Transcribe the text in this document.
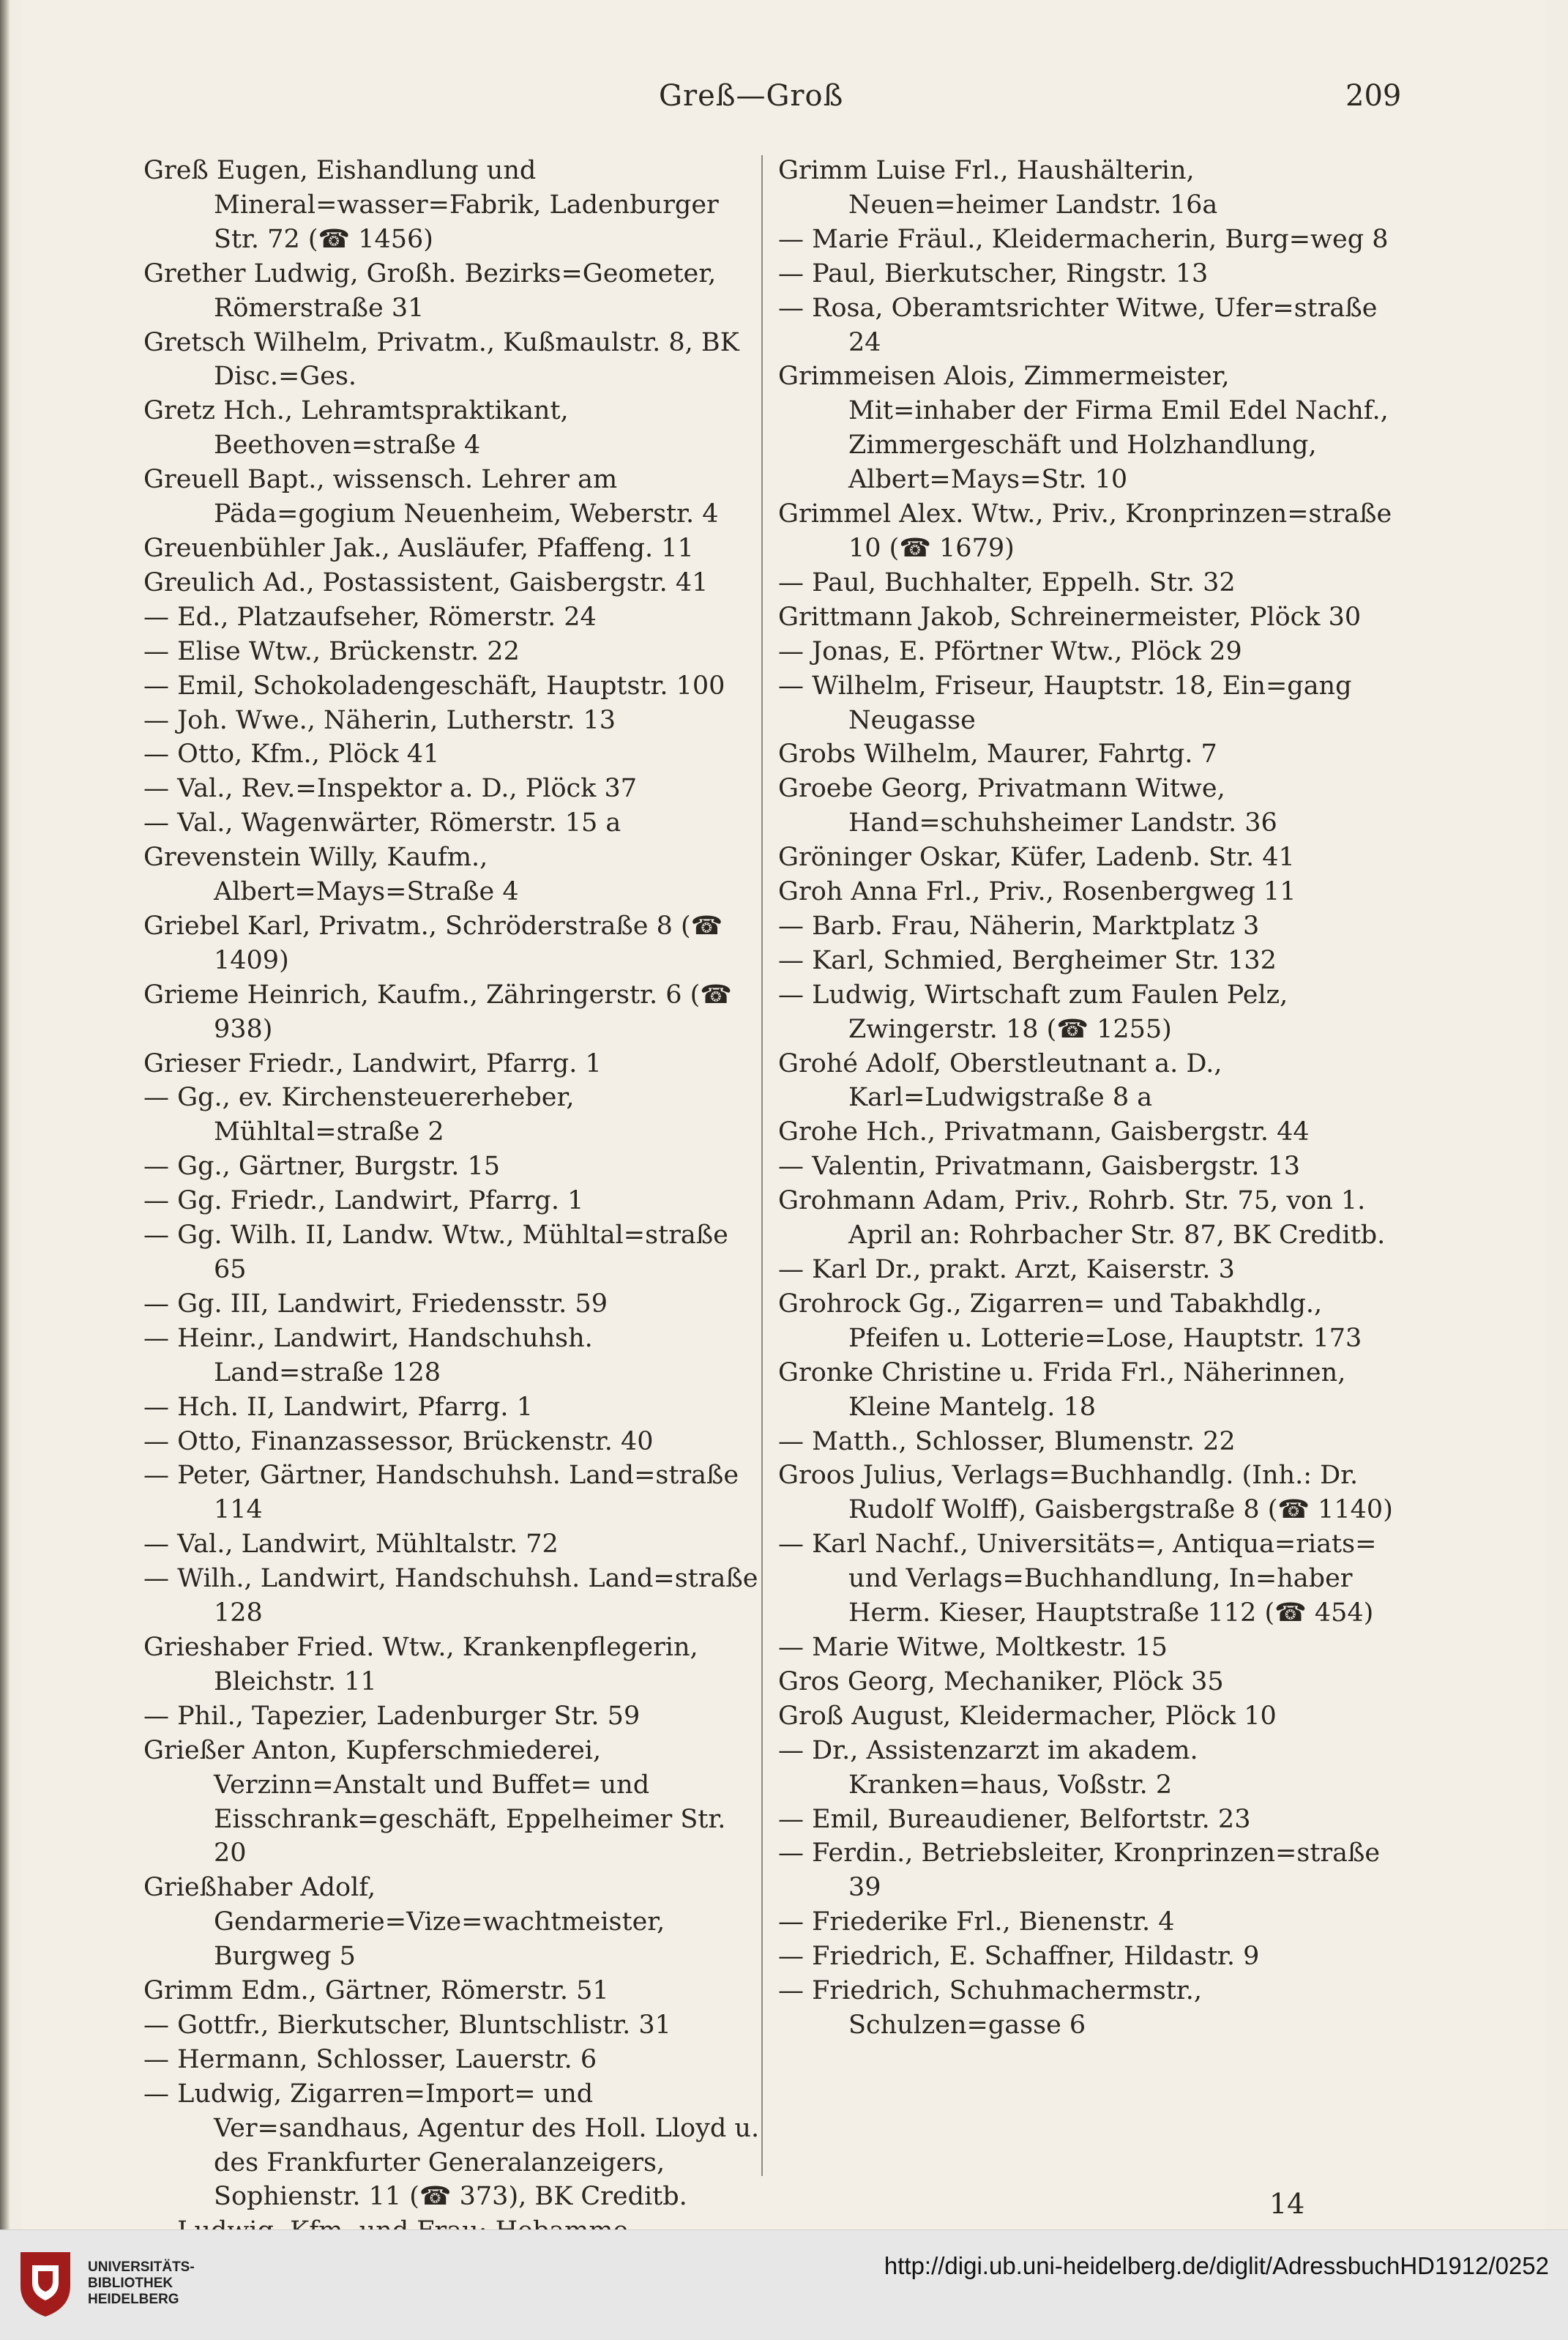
Greß—Groß	209
Greß Eugen, Eishandlung und Mineral=wasser=Fabrik, Ladenburger Str. 72 (☎ 1456)
Grether Ludwig, Großh. Bezirks=Geometer, Römerstraße 31
Gretsch Wilhelm, Privatm., Kußmaulstr. 8, BK Disc.=Ges.
Gretz Hch., Lehramtspraktikant, Beethoven=straße 4
Greuell Bapt., wissensch. Lehrer am Päda=gogium Neuenheim, Weberstr. 4
Greuenbühler Jak., Ausläufer, Pfaffeng. 11
Greulich Ad., Postassistent, Gaisbergstr. 41
— Ed., Platzaufseher, Römerstr. 24
— Elise Wtw., Brückenstr. 22
— Emil, Schokoladengeschäft, Hauptstr. 100
— Joh. Wwe., Näherin, Lutherstr. 13
— Otto, Kfm., Plöck 41
— Val., Rev.=Inspektor a. D., Plöck 37
— Val., Wagenwärter, Römerstr. 15 a
Grevenstein Willy, Kaufm., Albert=Mays=Straße 4
Griebel Karl, Privatm., Schröderstraße 8 (☎ 1409)
Grieme Heinrich, Kaufm., Zähringerstr. 6 (☎ 938)
Grieser Friedr., Landwirt, Pfarrg. 1
— Gg., ev. Kirchensteuererheber, Mühltal=straße 2
— Gg., Gärtner, Burgstr. 15
— Gg. Friedr., Landwirt, Pfarrg. 1
— Gg. Wilh. II, Landw. Wtw., Mühltal=straße 65
— Gg. III, Landwirt, Friedensstr. 59
— Heinr., Landwirt, Handschuhsh. Land=straße 128
— Hch. II, Landwirt, Pfarrg. 1
— Otto, Finanzassessor, Brückenstr. 40
— Peter, Gärtner, Handschuhsh. Land=straße 114
— Val., Landwirt, Mühltalstr. 72
— Wilh., Landwirt, Handschuhsh. Land=straße 128
Grieshaber Fried. Wtw., Krankenpflegerin, Bleichstr. 11
— Phil., Tapezier, Ladenburger Str. 59
Grießer Anton, Kupferschmiederei, Verzinn=Anstalt und Buffet= und Eisschrank=geschäft, Eppelheimer Str. 20
Grießhaber Adolf, Gendarmerie=Vize=wachtmeister, Burgweg 5
Grimm Edm., Gärtner, Römerstr. 51
— Gottfr., Bierkutscher, Bluntschlistr. 31
— Hermann, Schlosser, Lauerstr. 6
— Ludwig, Zigarren=Import= und Ver=sandhaus, Agentur des Holl. Lloyd u. des Frankfurter Generalanzeigers, Sophienstr. 11 (☎ 373), BK Creditb.
Grimm Luise Frl., Haushälterin, Neuen=heimer Landstr. 16a
— Marie Fräul., Kleidermacherin, Burg=weg 8
— Paul, Bierkutscher, Ringstr. 13
— Rosa, Oberamtsrichter Witwe, Ufer=straße 24
Grimmeisen Alois, Zimmermeister, Mit=inhaber der Firma Emil Edel Nachf., Zimmergeschäft und Holzhandlung, Albert=Mays=Str. 10
Grimmel Alex. Wtw., Priv., Kronprinzen=straße 10 (☎ 1679)
— Paul, Buchhalter, Eppelh. Str. 32
Grittmann Jakob, Schreinermeister, Plöck 30
— Jonas, E. Pförtner Wtw., Plöck 29
— Wilhelm, Friseur, Hauptstr. 18, Ein=gang Neugasse
Grobs Wilhelm, Maurer, Fahrtg. 7
Groebe Georg, Privatmann Witwe, Hand=schuhsheimer Landstr. 36
Gröninger Oskar, Küfer, Ladenb. Str. 41
Groh Anna Frl., Priv., Rosenbergweg 11
— Barb. Frau, Näherin, Marktplatz 3
— Karl, Schmied, Bergheimer Str. 132
— Ludwig, Wirtschaft zum Faulen Pelz, Zwingerstr. 18 (☎ 1255)
Grohé Adolf, Oberstleutnant a. D., Karl=Ludwigstraße 8 a
Grohe Hch., Privatmann, Gaisbergstr. 44
— Valentin, Privatmann, Gaisbergstr. 13
Grohmann Adam, Priv., Rohrb. Str. 75, von 1. April an: Rohrbacher Str. 87, BK Creditb.
— Karl Dr., prakt. Arzt, Kaiserstr. 3
Grohrock Gg., Zigarren= und Tabakhdlg., Pfeifen u. Lotterie=Lose, Hauptstr. 173
Gronke Christine u. Frida Frl., Näherinnen, Kleine Mantelg. 18
— Matth., Schlosser, Blumenstr. 22
Groos Julius, Verlags=Buchhandlg. (Inh.: Dr. Rudolf Wolff), Gaisbergstraße 8 (☎ 1140)
— Karl Nachf., Universitäts=, Antiqua=riats= und Verlags=Buchhandlung, In=haber Herm. Kieser, Hauptstraße 112 (☎ 454)
— Marie Witwe, Moltkestr. 15
Gros Georg, Mechaniker, Plöck 35
Groß August, Kleidermacher, Plöck 10
— Dr., Assistenzarzt im akadem. Kranken=haus, Voßstr. 2
— Emil, Bureaudiener, Belfortstr. 23
— Ferdin., Betriebsleiter, Kronprinzen=straße 39
— Friederike Frl., Bienenstr. 4
— Friedrich, E. Schaffner, Hildastr. 9
— Friedrich, Schuhmachermstr., Schulzen=gasse 6
14
UNIVERSITÄTS-
BIBLIOTHEK
HEIDELBERG
http://digi.ub.uni-heidelberg.de/diglit/AdressbuchHD1912/0252
